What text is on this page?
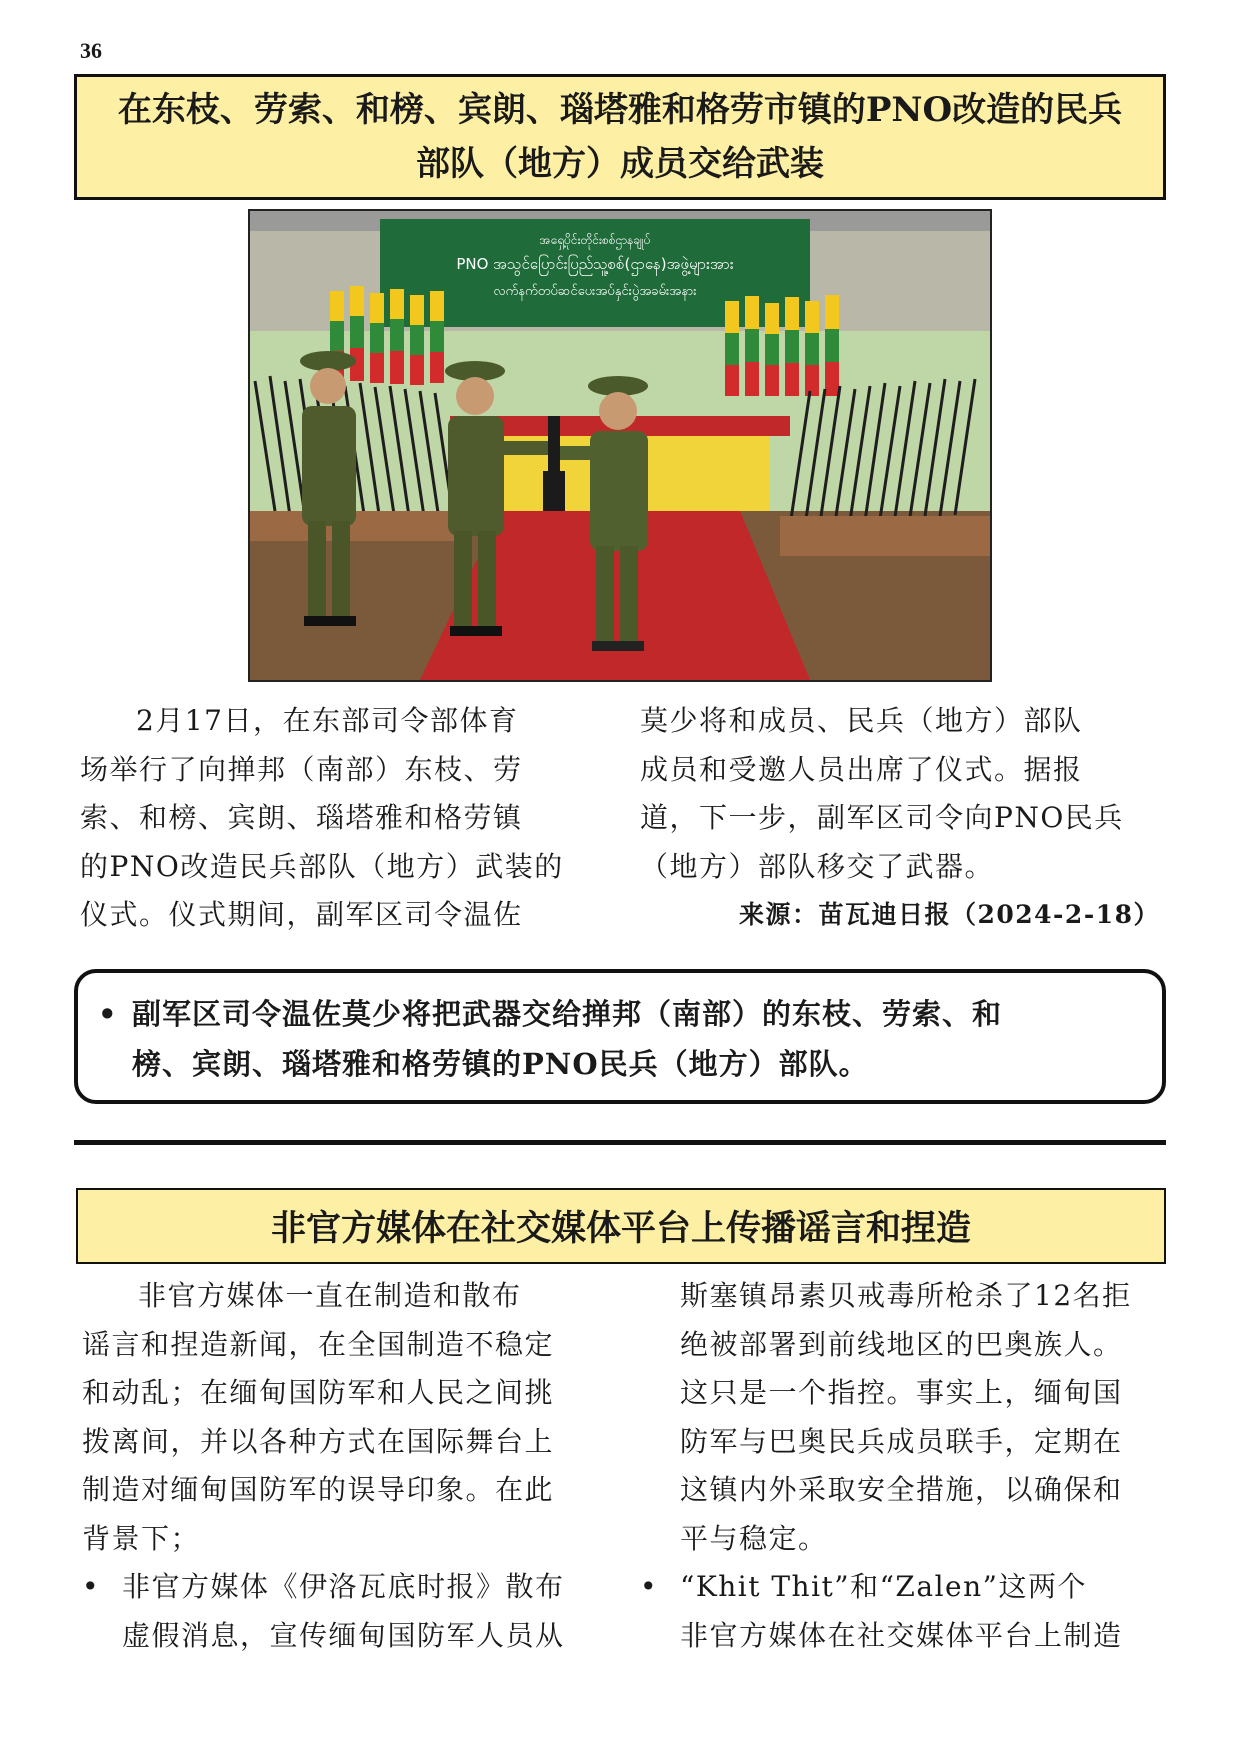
36
在东枝、劳索、和榜、宾朗、瑙塔雅和格劳市镇的PNO改造的民兵
部队（地方）成员交给武装
အရှေ့ပိုင်းတိုင်းစစ်ဌာနချုပ်
PNO အသွင်ပြောင်းပြည်သူ့စစ်(ဌာနေ)အဖွဲ့များအား
လက်နက်တပ်ဆင်ပေးအပ်နှင်းပွဲအခမ်းအနား

2月17日，在东部司令部体育

场举行了向掸邦（南部）东枝、劳

索、和榜、宾朗、瑙塔雅和格劳镇

的PNO改造民兵部队（地方）武装的

仪式。仪式期间，副军区司令温佐

莫少将和成员、民兵（地方）部队

成员和受邀人员出席了仪式。据报

道，下一步，副军区司令向PNO民兵

（地方）部队移交了武器。

来源：苗瓦迪日报（2024-2-18）

• 副军区司令温佐莫少将把武器交给掸邦（南部）的东枝、劳索、和
榜、宾朗、瑙塔雅和格劳镇的PNO民兵（地方）部队。
非官方媒体在社交媒体平台上传播谣言和捏造

非官方媒体一直在制造和散布

谣言和捏造新闻，在全国制造不稳定

和动乱；在缅甸国防军和人民之间挑

拨离间，并以各种方式在国际舞台上

制造对缅甸国防军的误导印象。在此

背景下；

• 非官方媒体《伊洛瓦底时报》散布

虚假消息，宣传缅甸国防军人员从

斯塞镇昂素贝戒毒所枪杀了12名拒

绝被部署到前线地区的巴奥族人。

这只是一个指控。事实上，缅甸国

防军与巴奥民兵成员联手，定期在

这镇内外采取安全措施，以确保和

平与稳定。

• “Khit Thit”和“Zalen”这两个

非官方媒体在社交媒体平台上制造
